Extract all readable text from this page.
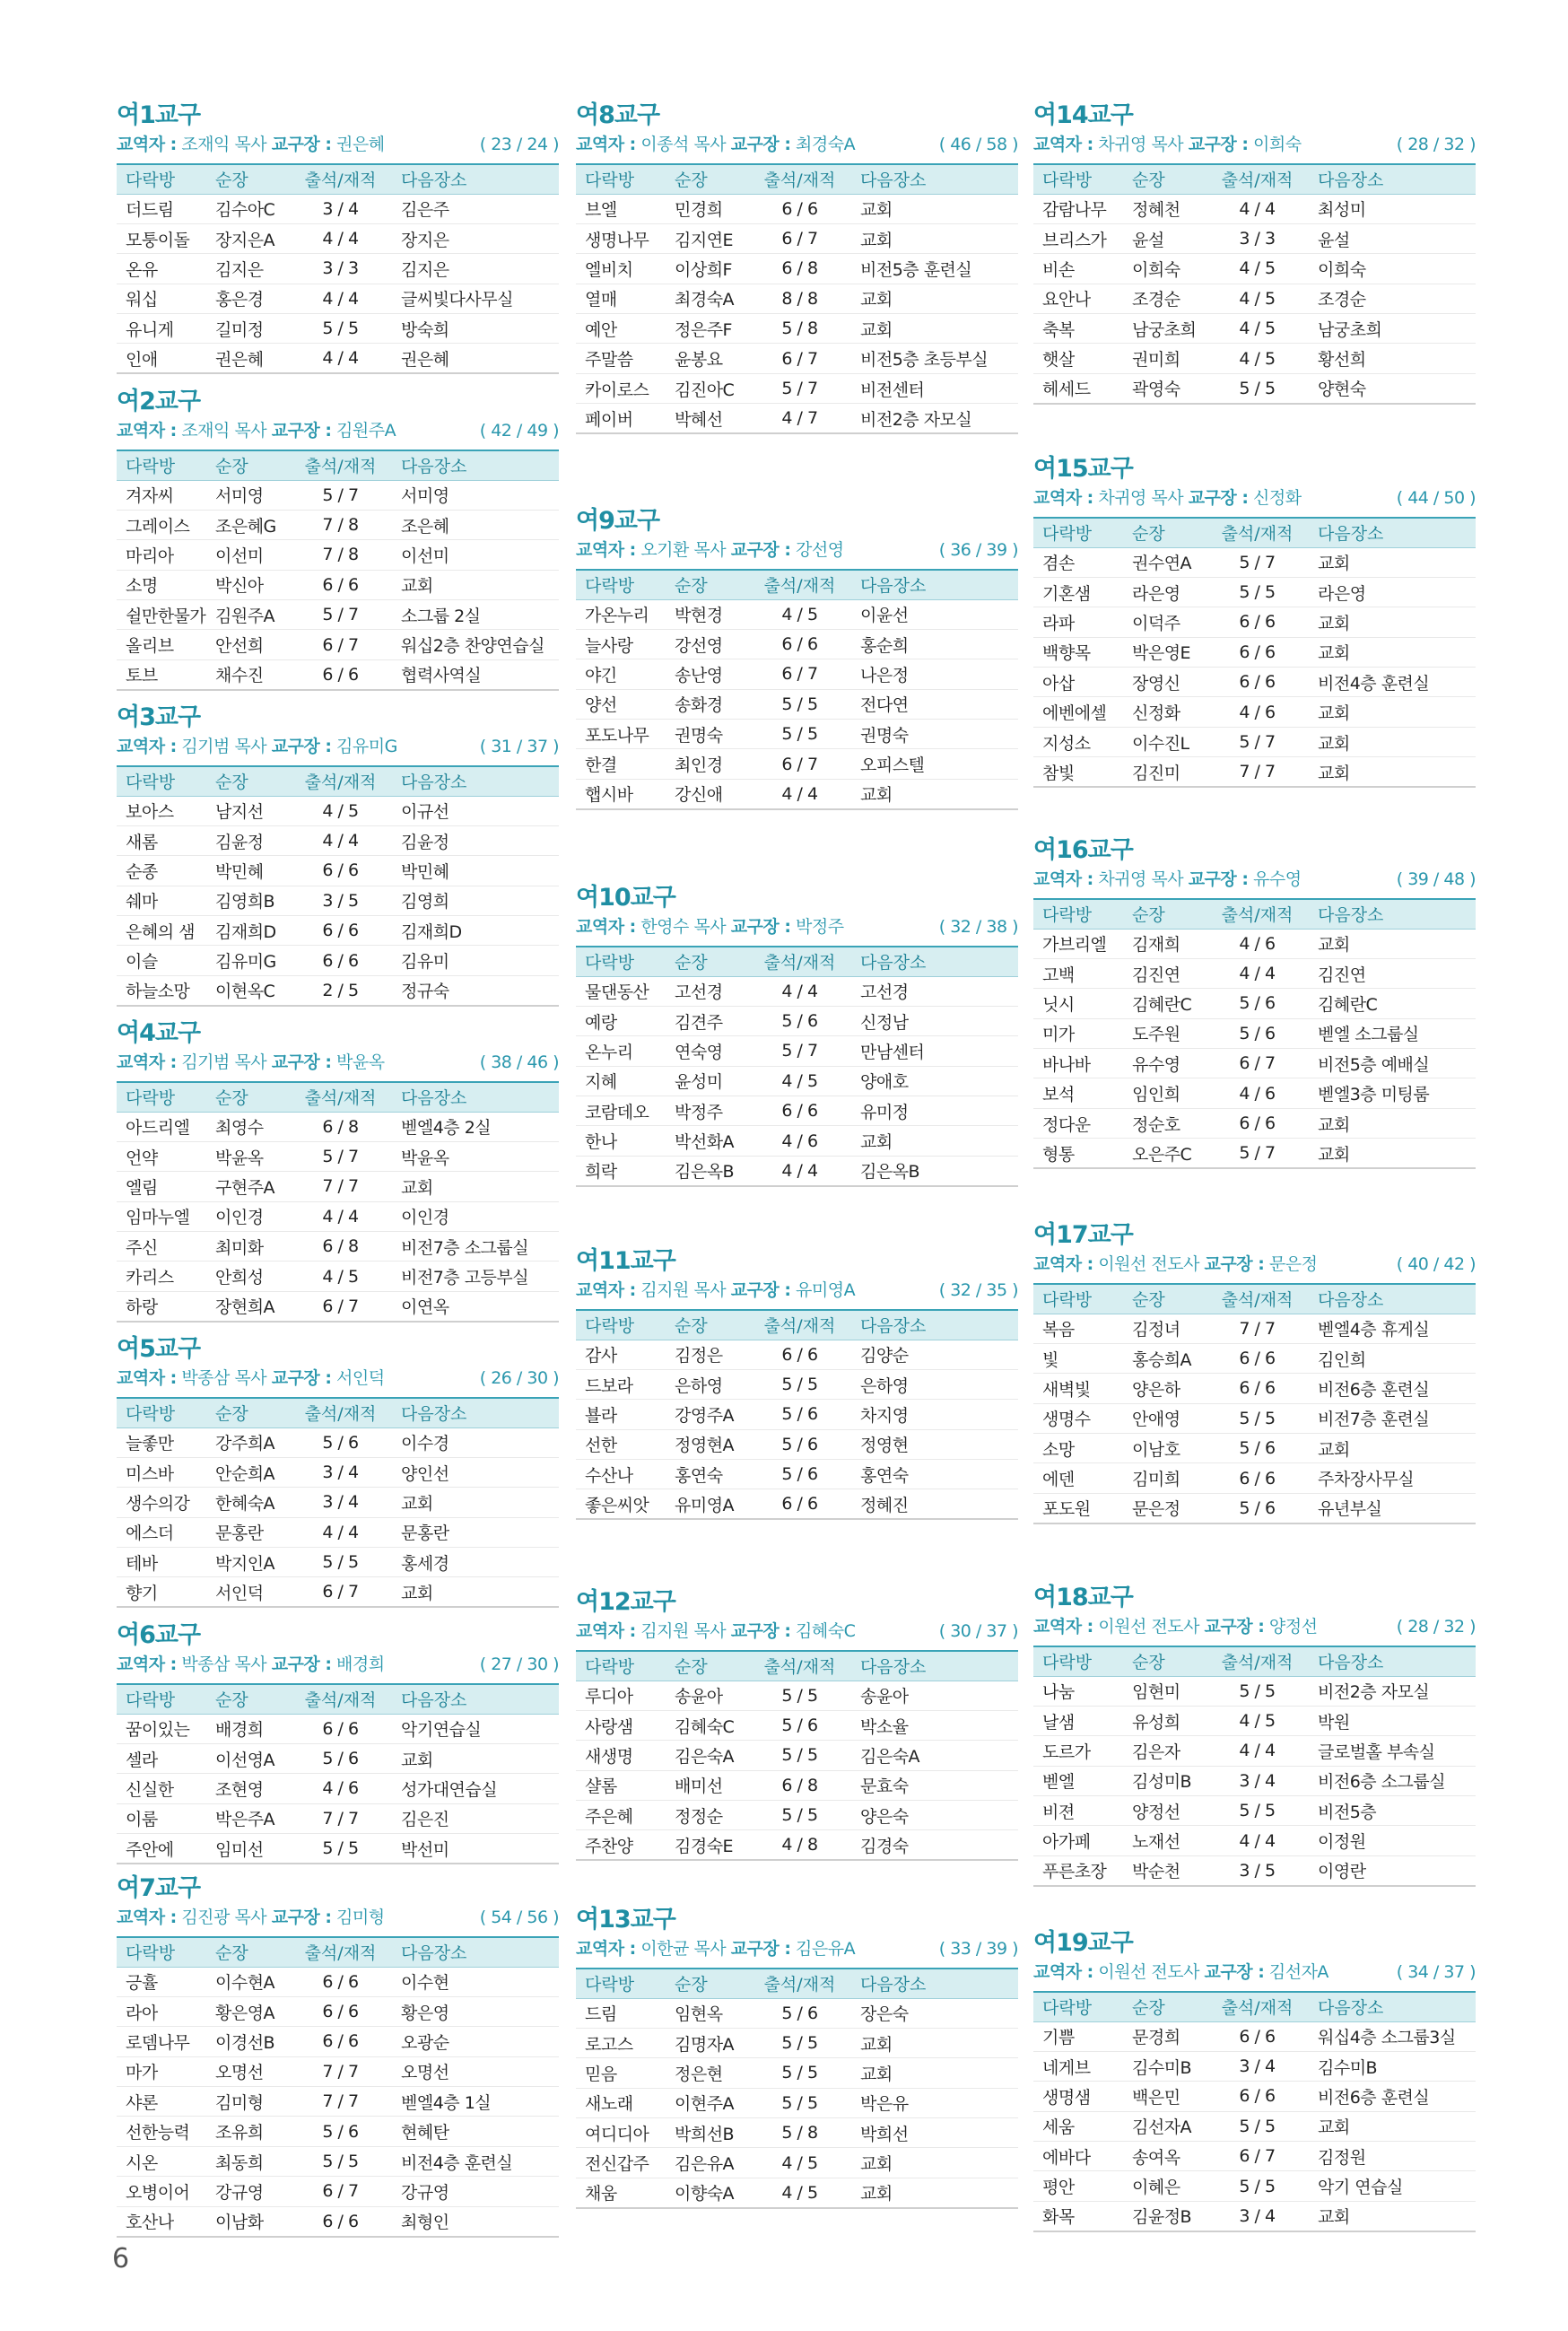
여1교구
교역자 : 조재익 목사 교구장 : 권은혜	( 23 / 24 )
다락방	순장	출석/재적	다음장소
더드림	김수아C	3 / 4	김은주
모퉁이돌	장지은A	4 / 4	장지은
온유	김지은	3 / 3	김지은
워십	홍은경	4 / 4	글씨빛다사무실
유니게	길미정	5 / 5	방숙희
인애	권은혜	4 / 4	권은혜
여2교구
교역자 : 조재익 목사 교구장 : 김원주A	( 42 / 49 )
다락방	순장	출석/재적	다음장소
겨자씨	서미영	5 / 7	서미영
그레이스	조은혜G	7 / 8	조은혜
마리아	이선미	7 / 8	이선미
소명	박신아	6 / 6	교회
쉴만한물가	김원주A	5 / 7	소그룹 2실
올리브	안선희	6 / 7	워십2층 찬양연습실
토브	채수진	6 / 6	협력사역실
여3교구
교역자 : 김기범 목사 교구장 : 김유미G	( 31 / 37 )
다락방	순장	출석/재적	다음장소
보아스	남지선	4 / 5	이규선
새롬	김윤정	4 / 4	김윤정
순종	박민혜	6 / 6	박민혜
쉐마	김영희B	3 / 5	김영희
은혜의 샘	김재희D	6 / 6	김재희D
이슬	김유미G	6 / 6	김유미
하늘소망	이현옥C	2 / 5	정규숙
여4교구
교역자 : 김기범 목사 교구장 : 박윤옥	( 38 / 46 )
다락방	순장	출석/재적	다음장소
아드리엘	최영수	6 / 8	벧엘4층 2실
언약	박윤옥	5 / 7	박윤옥
엘림	구현주A	7 / 7	교회
임마누엘	이인경	4 / 4	이인경
주신	최미화	6 / 8	비전7층 소그룹실
카리스	안희성	4 / 5	비전7층 고등부실
하랑	장현희A	6 / 7	이연옥
여5교구
교역자 : 박종삼 목사 교구장 : 서인덕	( 26 / 30 )
다락방	순장	출석/재적	다음장소
늘좋만	강주희A	5 / 6	이수경
미스바	안순희A	3 / 4	양인선
생수의강	한혜숙A	3 / 4	교회
에스더	문홍란	4 / 4	문홍란
테바	박지인A	5 / 5	홍세경
향기	서인덕	6 / 7	교회
여6교구
교역자 : 박종삼 목사 교구장 : 배경희	( 27 / 30 )
다락방	순장	출석/재적	다음장소
꿈이있는	배경희	6 / 6	악기연습실
셀라	이선영A	5 / 6	교회
신실한	조현영	4 / 6	성가대연습실
이룸	박은주A	7 / 7	김은진
주안에	임미선	5 / 5	박선미
여7교구
교역자 : 김진광 목사 교구장 : 김미형	( 54 / 56 )
다락방	순장	출석/재적	다음장소
긍휼	이수현A	6 / 6	이수현
라아	황은영A	6 / 6	황은영
로뎀나무	이경선B	6 / 6	오광순
마가	오명선	7 / 7	오명선
샤론	김미형	7 / 7	벧엘4층 1실
선한능력	조유희	5 / 6	현혜탄
시온	최동희	5 / 5	비전4층 훈련실
오병이어	강규영	6 / 7	강규영
호산나	이남화	6 / 6	최형인
여8교구
교역자 : 이종석 목사 교구장 : 최경숙A	( 46 / 58 )
다락방	순장	출석/재적	다음장소
브엘	민경희	6 / 6	교회
생명나무	김지연E	6 / 7	교회
엘비치	이상희F	6 / 8	비전5층 훈련실
열매	최경숙A	8 / 8	교회
예안	정은주F	5 / 8	교회
주말씀	윤봉요	6 / 7	비전5층 초등부실
카이로스	김진아C	5 / 7	비전센터
페이버	박혜선	4 / 7	비전2층 자모실
여9교구
교역자 : 오기환 목사 교구장 : 강선영	( 36 / 39 )
다락방	순장	출석/재적	다음장소
가온누리	박현경	4 / 5	이윤선
늘사랑	강선영	6 / 6	홍순희
야긴	송난영	6 / 7	나은정
양선	송화경	5 / 5	전다연
포도나무	권명숙	5 / 5	권명숙
한결	최인경	6 / 7	오피스텔
햅시바	강신애	4 / 4	교회
여10교구
교역자 : 한영수 목사 교구장 : 박정주	( 32 / 38 )
다락방	순장	출석/재적	다음장소
물댄동산	고선경	4 / 4	고선경
예랑	김견주	5 / 6	신정남
온누리	연숙영	5 / 7	만남센터
지혜	윤성미	4 / 5	양애호
코람데오	박정주	6 / 6	유미정
한나	박선화A	4 / 6	교회
희락	김은옥B	4 / 4	김은옥B
여11교구
교역자 : 김지원 목사 교구장 : 유미영A	( 32 / 35 )
다락방	순장	출석/재적	다음장소
감사	김정은	6 / 6	김양순
드보라	은하영	5 / 5	은하영
뵬라	강영주A	5 / 6	차지영
선한	정영현A	5 / 6	정영현
수산나	홍연숙	5 / 6	홍연숙
좋은씨앗	유미영A	6 / 6	정혜진
여12교구
교역자 : 김지원 목사 교구장 : 김혜숙C	( 30 / 37 )
다락방	순장	출석/재적	다음장소
루디아	송윤아	5 / 5	송윤아
사랑샘	김혜숙C	5 / 6	박소율
새생명	김은숙A	5 / 5	김은숙A
샬롬	배미선	6 / 8	문효숙
주은혜	정정순	5 / 5	양은숙
주찬양	김경숙E	4 / 8	김경숙
여13교구
교역자 : 이한균 목사 교구장 : 김은유A	( 33 / 39 )
다락방	순장	출석/재적	다음장소
드림	임현옥	5 / 6	장은숙
로고스	김명자A	5 / 5	교회
믿음	정은현	5 / 5	교회
새노래	이현주A	5 / 5	박은유
여디디아	박희선B	5 / 8	박희선
전신갑주	김은유A	4 / 5	교회
채움	이향숙A	4 / 5	교회
여14교구
교역자 : 차귀영 목사 교구장 : 이희숙	( 28 / 32 )
다락방	순장	출석/재적	다음장소
감람나무	정혜천	4 / 4	최성미
브리스가	윤설	3 / 3	윤설
비손	이희숙	4 / 5	이희숙
요안나	조경순	4 / 5	조경순
축복	남궁초희	4 / 5	남궁초희
햇살	권미희	4 / 5	황선희
헤세드	곽영숙	5 / 5	양현숙
여15교구
교역자 : 차귀영 목사 교구장 : 신정화	( 44 / 50 )
다락방	순장	출석/재적	다음장소
겸손	권수연A	5 / 7	교회
기혼샘	라은영	5 / 5	라은영
라파	이덕주	6 / 6	교회
백향목	박은영E	6 / 6	교회
아삽	장영신	6 / 6	비전4층 훈련실
에벤에셀	신정화	4 / 6	교회
지성소	이수진L	5 / 7	교회
참빛	김진미	7 / 7	교회
여16교구
교역자 : 차귀영 목사 교구장 : 유수영	( 39 / 48 )
다락방	순장	출석/재적	다음장소
가브리엘	김재희	4 / 6	교회
고백	김진연	4 / 4	김진연
닛시	김혜란C	5 / 6	김혜란C
미가	도주원	5 / 6	벧엘 소그룹실
바나바	유수영	6 / 7	비전5층 예배실
보석	임인희	4 / 6	벧엘3층 미팅룸
정다운	정순호	6 / 6	교회
형통	오은주C	5 / 7	교회
여17교구
교역자 : 이원선 전도사 교구장 : 문은정	( 40 / 42 )
다락방	순장	출석/재적	다음장소
복음	김정녀	7 / 7	벧엘4층 휴게실
빛	홍승희A	6 / 6	김인희
새벽빛	양은하	6 / 6	비전6층 훈련실
생명수	안애영	5 / 5	비전7층 훈련실
소망	이남호	5 / 6	교회
에덴	김미희	6 / 6	주차장사무실
포도원	문은정	5 / 6	유년부실
여18교구
교역자 : 이원선 전도사 교구장 : 양정선	( 28 / 32 )
다락방	순장	출석/재적	다음장소
나눔	임현미	5 / 5	비전2층 자모실
날샘	유성희	4 / 5	박원
도르가	김은자	4 / 4	글로벌홀 부속실
벧엘	김성미B	3 / 4	비전6층 소그룹실
비젼	양정선	5 / 5	비전5층
아가페	노재선	4 / 4	이정원
푸른초장	박순천	3 / 5	이영란
여19교구
교역자 : 이원선 전도사 교구장 : 김선자A	( 34 / 37 )
다락방	순장	출석/재적	다음장소
기쁨	문경희	6 / 6	워십4층 소그룹3실
네게브	김수미B	3 / 4	김수미B
생명샘	백은민	6 / 6	비전6층 훈련실
세움	김선자A	5 / 5	교회
에바다	송여옥	6 / 7	김정원
평안	이혜은	5 / 5	악기 연습실
화목	김윤정B	3 / 4	교회
6
